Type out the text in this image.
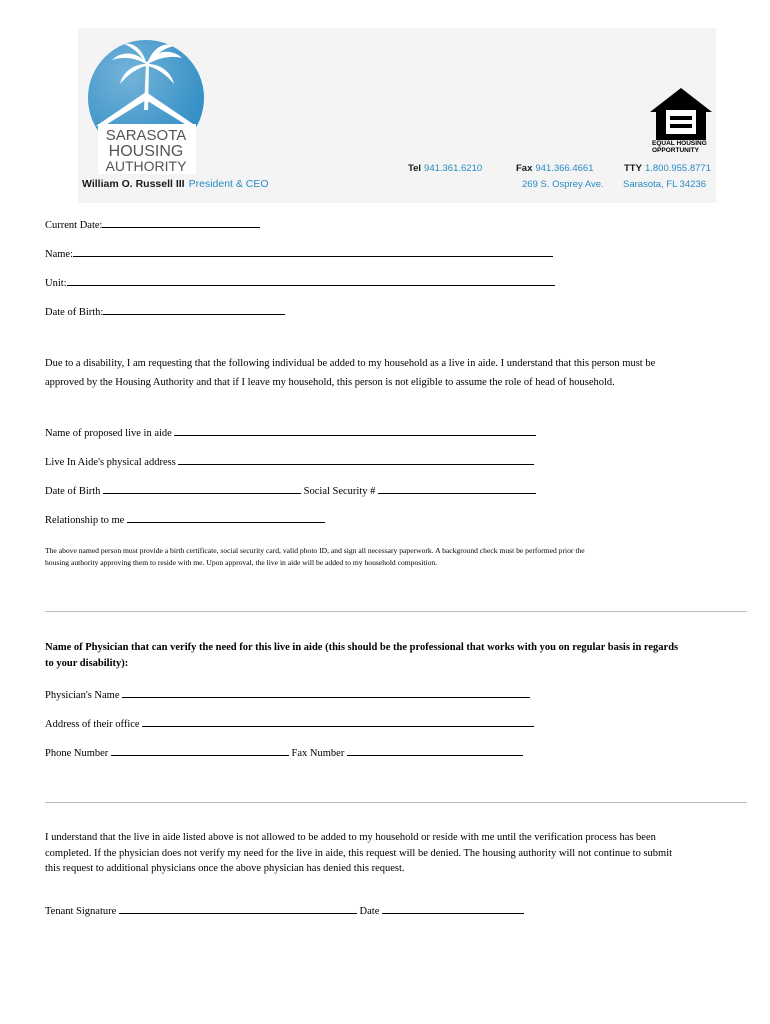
SARASOTA
HOUSING
AUTHORITY
William O. Russell III President & CEO
Tel 941.361.6210	Fax 941.366.4661	TTY 1.800.955.8771
269 S. Osprey Ave. Sarasota, FL 34236
EQUAL HOUSING
OPPORTUNITY
Current Date:
Name:
Unit:
Date of Birth:
Due to a disability, I am requesting that the following individual be added to my household as a live in aide. I understand that this person must be
approved by the Housing Authority and that if I leave my household, this person is not eligible to assume the role of head of household.
Name of proposed live in aide
Live In Aide's physical address
Date of Birth	Social Security #
Relationship to me
The above named person must provide a birth certificate, social security card, valid photo ID, and sign all necessary paperwork. A background check must be performed prior the
housing authority approving them to reside with me. Upon approval, the live in aide will be added to my household composition.
Name of Physician that can verify the need for this live in aide (this should be the professional that works with you on regular basis in regards
to your disability):
Physician's Name
Address of their office
Phone Number	Fax Number
I understand that the live in aide listed above is not allowed to be added to my household or reside with me until the verification process has been
completed. If the physician does not verify my need for the live in aide, this request will be denied. The housing authority will not continue to submit
this request to additional physicians once the above physician has denied this request.
Tenant Signature	Date
